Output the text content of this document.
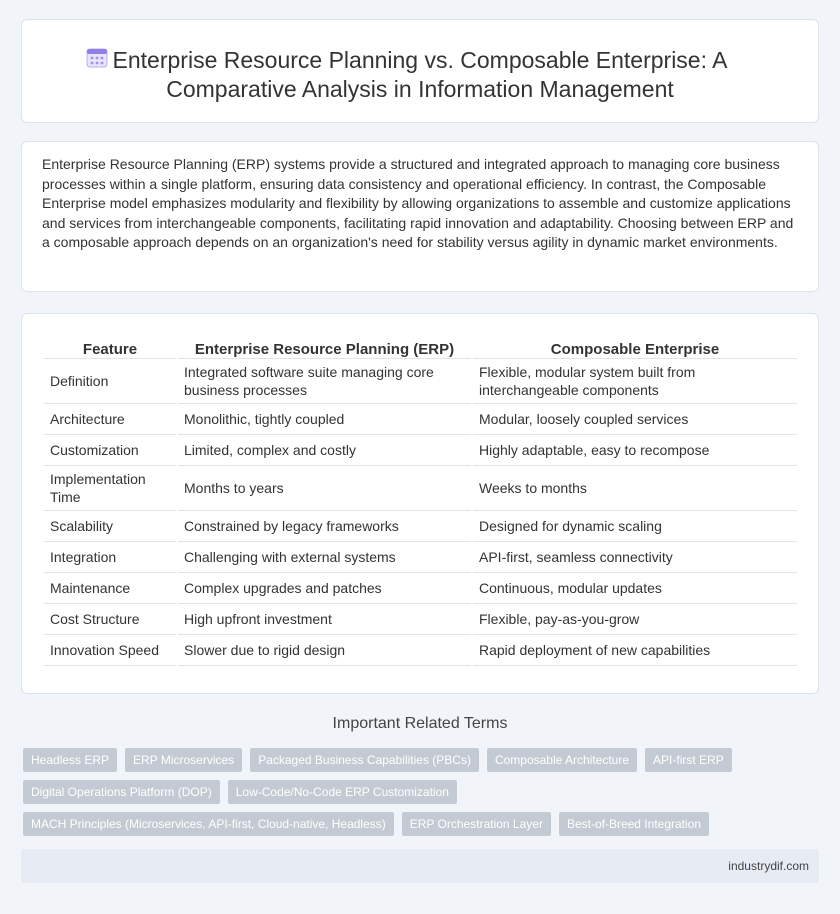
Enterprise Resource Planning vs. Composable Enterprise: A
Comparative Analysis in Information Management

Enterprise Resource Planning (ERP) systems provide a structured and integrated approach to managing core business processes within a single platform, ensuring data consistency and operational efficiency. In contrast, the Composable Enterprise model emphasizes modularity and flexibility by allowing organizations to assemble and customize applications and services from interchangeable components, facilitating rapid innovation and adaptability. Choosing between ERP and a composable approach depends on an organization's need for stability versus agility in dynamic market environments.

Feature	Enterprise Resource Planning (ERP)	Composable Enterprise
Definition	Integrated software suite managing core business processes	Flexible, modular system built from interchangeable components
Architecture	Monolithic, tightly coupled	Modular, loosely coupled services
Customization	Limited, complex and costly	Highly adaptable, easy to recompose
Implementation Time	Months to years	Weeks to months
Scalability	Constrained by legacy frameworks	Designed for dynamic scaling
Integration	Challenging with external systems	API-first, seamless connectivity
Maintenance	Complex upgrades and patches	Continuous, modular updates
Cost Structure	High upfront investment	Flexible, pay-as-you-grow
Innovation Speed	Slower due to rigid design	Rapid deployment of new capabilities
Important Related Terms
Headless ERP	ERP Microservices	Packaged Business Capabilities (PBCs)	Composable Architecture	API-first ERP
Digital Operations Platform (DOP)	Low-Code/No-Code ERP Customization
MACH Principles (Microservices, API-first, Cloud-native, Headless)	ERP Orchestration Layer	Best-of-Breed Integration
industrydif.com
